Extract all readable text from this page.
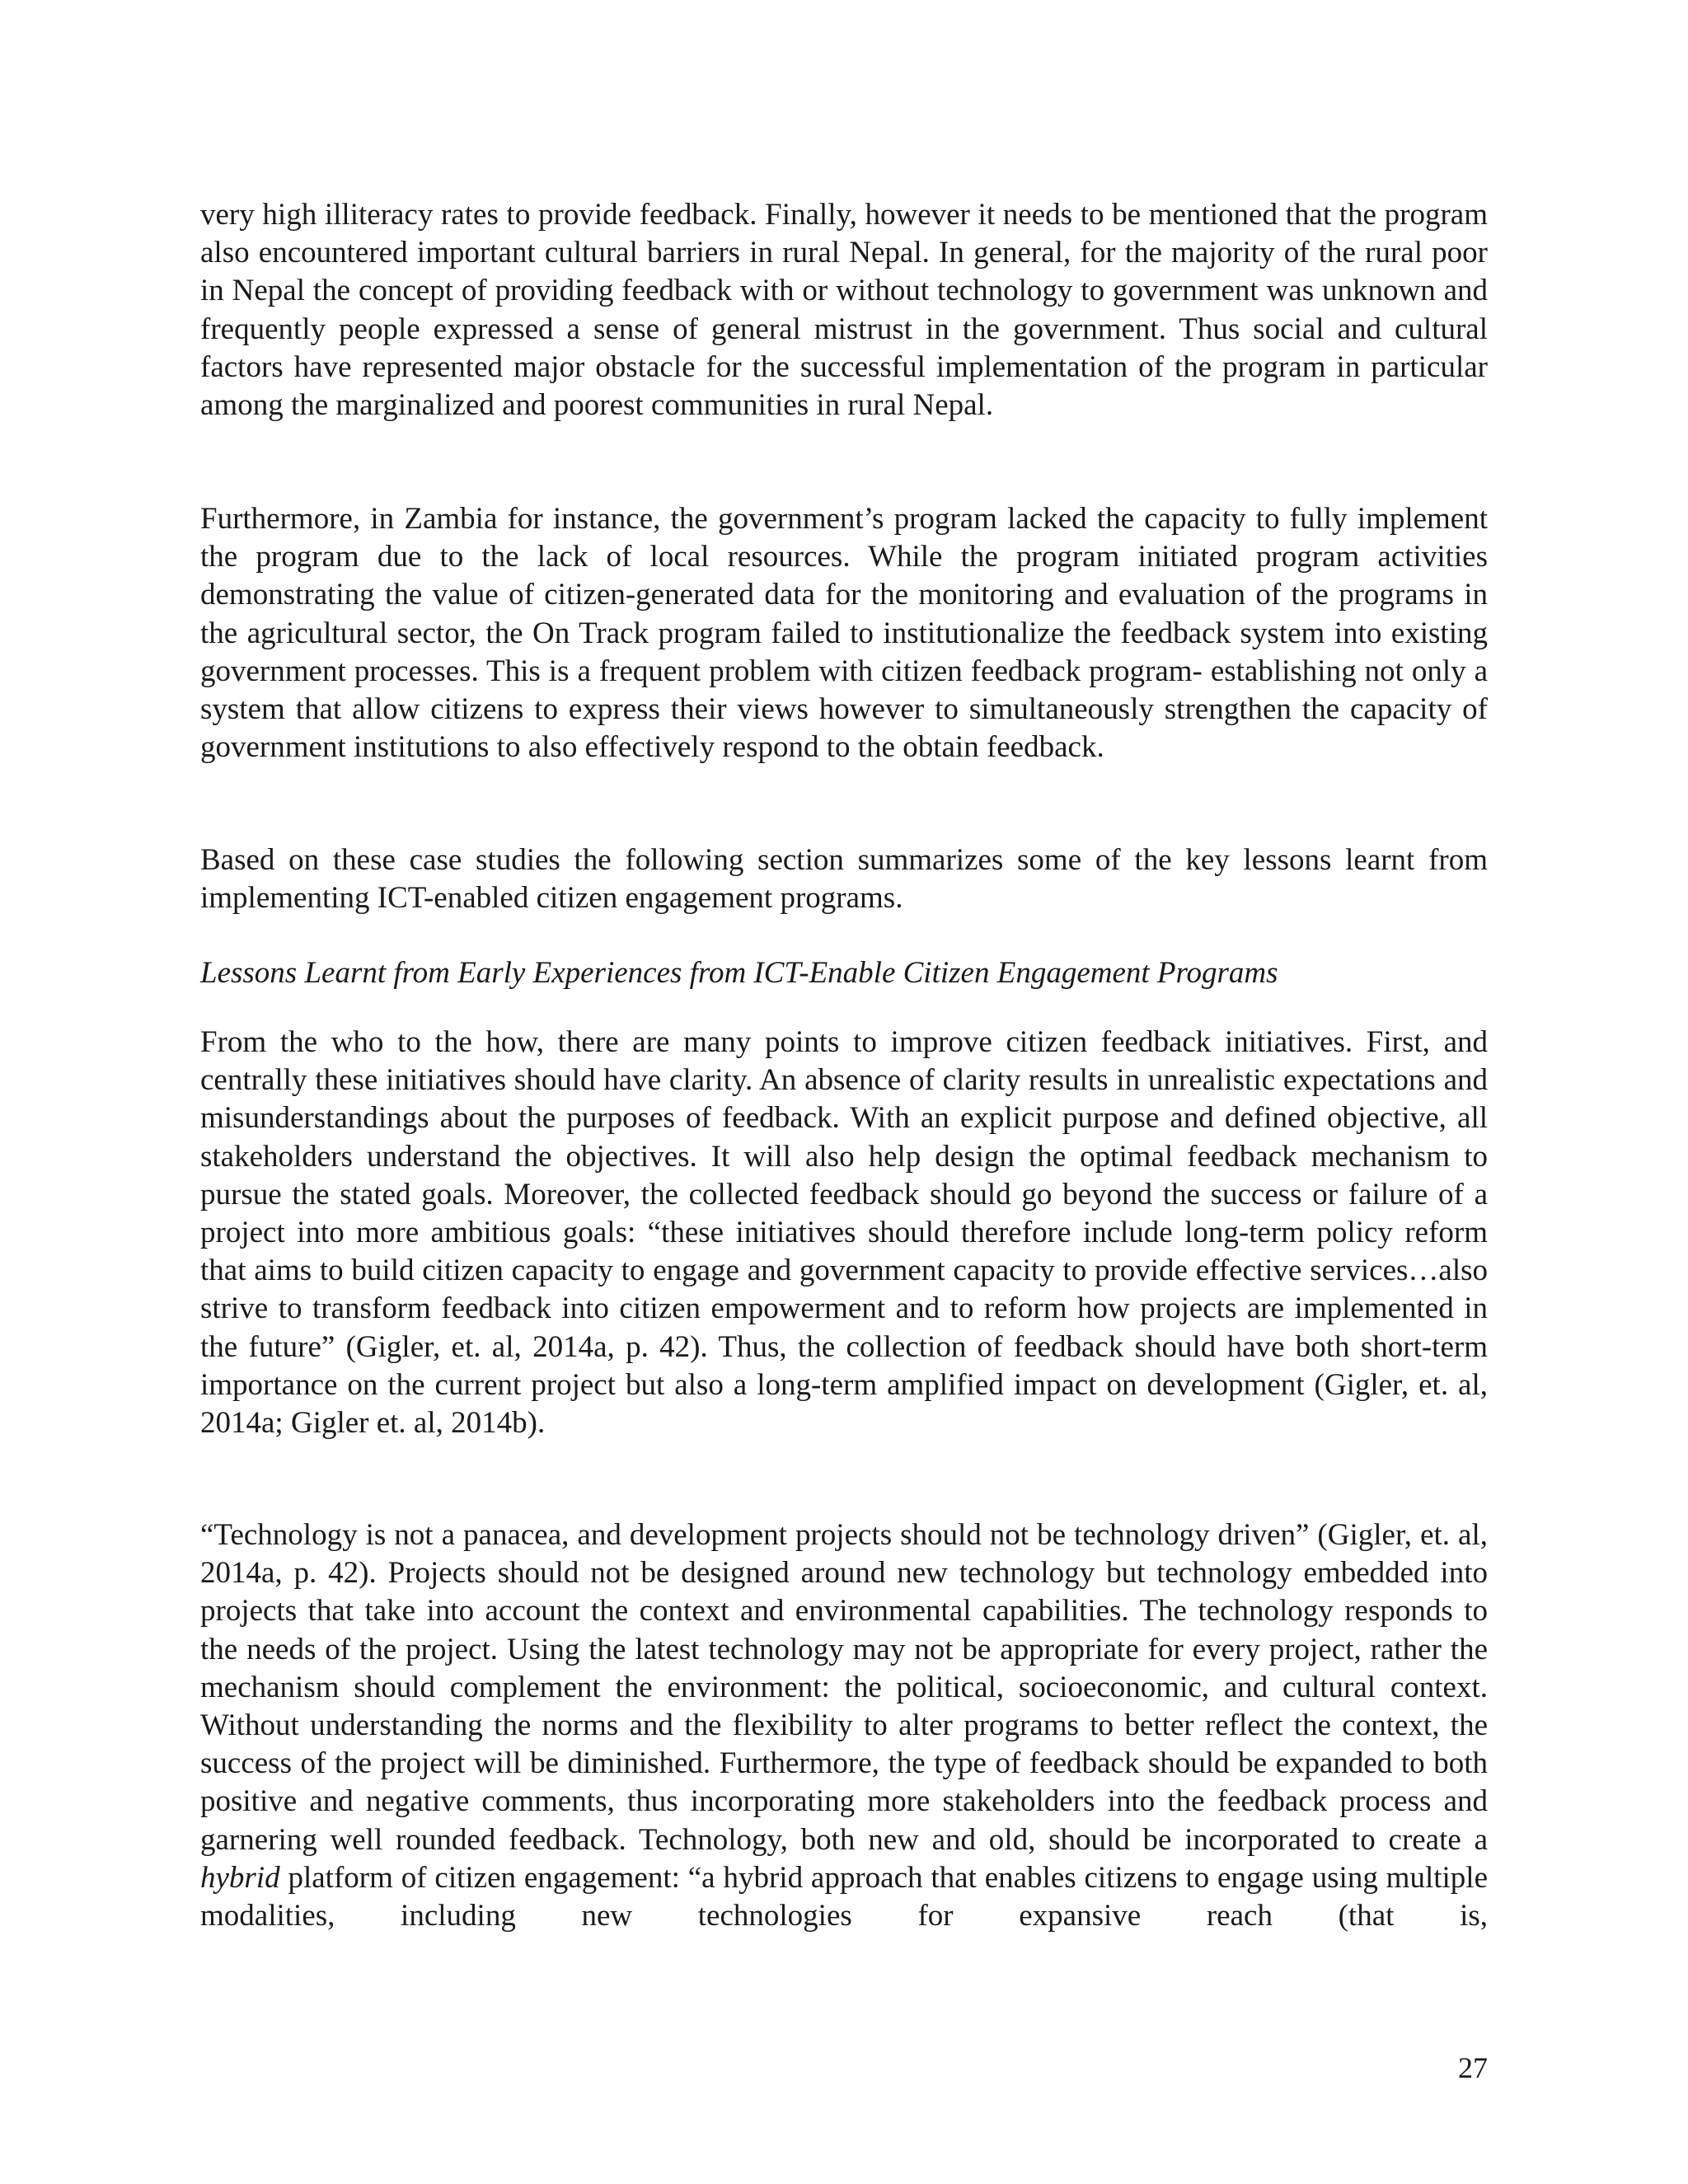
very high illiteracy rates to provide feedback. Finally, however it needs to be mentioned that the program also encountered important cultural barriers in rural Nepal. In general, for the majority of the rural poor in Nepal the concept of providing feedback with or without technology to government was unknown and frequently people expressed a sense of general mistrust in the government. Thus social and cultural factors have represented major obstacle for the successful implementation of the program in particular among the marginalized and poorest communities in rural Nepal.

Furthermore, in Zambia for instance, the government’s program lacked the capacity to fully implement the program due to the lack of local resources. While the program initiated program activities demonstrating the value of citizen-generated data for the monitoring and evaluation of the programs in the agricultural sector, the On Track program failed to institutionalize the feedback system into existing government processes. This is a frequent problem with citizen feedback program- establishing not only a system that allow citizens to express their views however to simultaneously strengthen the capacity of government institutions to also effectively respond to the obtain feedback.

Based on these case studies the following section summarizes some of the key lessons learnt from implementing ICT-enabled citizen engagement programs.

Lessons Learnt from Early Experiences from ICT-Enable Citizen Engagement Programs

From the who to the how, there are many points to improve citizen feedback initiatives. First, and centrally these initiatives should have clarity. An absence of clarity results in unrealistic expectations and misunderstandings about the purposes of feedback. With an explicit purpose and defined objective, all stakeholders understand the objectives. It will also help design the optimal feedback mechanism to pursue the stated goals. Moreover, the collected feedback should go beyond the success or failure of a project into more ambitious goals: “these initiatives should therefore include long-term policy reform that aims to build citizen capacity to engage and government capacity to provide effective services…also strive to transform feedback into citizen empowerment and to reform how projects are implemented in the future” (Gigler, et. al, 2014a, p. 42). Thus, the collection of feedback should have both short-term importance on the current project but also a long-term amplified impact on development (Gigler, et. al, 2014a; Gigler et. al, 2014b).

“Technology is not a panacea, and development projects should not be technology driven” (Gigler, et. al, 2014a, p. 42). Projects should not be designed around new technology but technology embedded into projects that take into account the context and environmental capabilities. The technology responds to the needs of the project. Using the latest technology may not be appropriate for every project, rather the mechanism should complement the environment: the political, socioeconomic, and cultural context. Without understanding the norms and the flexibility to alter programs to better reflect the context, the success of the project will be diminished. Furthermore, the type of feedback should be expanded to both positive and negative comments, thus incorporating more stakeholders into the feedback process and garnering well rounded feedback. Technology, both new and old, should be incorporated to create a hybrid platform of citizen engagement: “a hybrid approach that enables citizens to engage using multiple modalities, including new technologies for expansive reach (that is,

27
